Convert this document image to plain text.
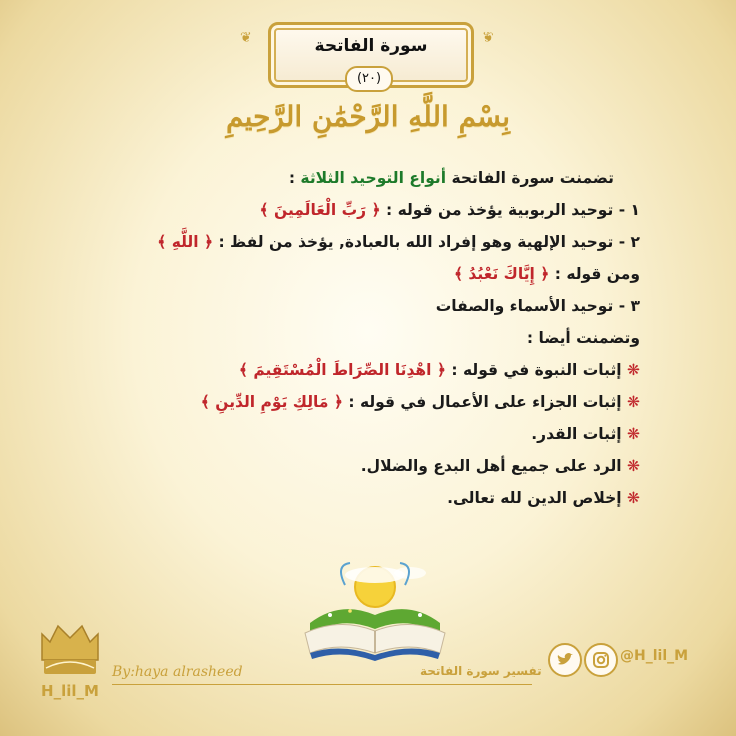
سورة الفاتحة
❦	❦
(٢٠)
بِسْمِ اللَّهِ الرَّحْمَٰنِ الرَّحِيمِ
تضمنت سورة الفاتحة أنواع التوحيد الثلاثة :
١ - توحيد الربوبية يؤخذ من قوله : ﴿ رَبِّ الْعَالَمِينَ ﴾
٢ - توحيد الإلهية وهو إفراد الله بالعبادة, يؤخذ من لفظ : ﴿ اللَّهِ ﴾
ومن قوله : ﴿ إِيَّاكَ نَعْبُدُ ﴾
٣ - توحيد الأسماء والصفات
وتضمنت أيضا :
❋ إثبات النبوة في قوله : ﴿ اهْدِنَا الصِّرَاطَ الْمُسْتَقِيمَ ﴾
❋ إثبات الجزاء على الأعمال في قوله : ﴿ مَالِكِ يَوْمِ الدِّينِ ﴾
❋ إثبات القدر.
❋ الرد على جميع أهل البدع والضلال.
❋ إخلاص الدين لله تعالى.
H_lil_M
By:haya alrasheed	تفسير سورة الفاتحة
@H_lil_M
